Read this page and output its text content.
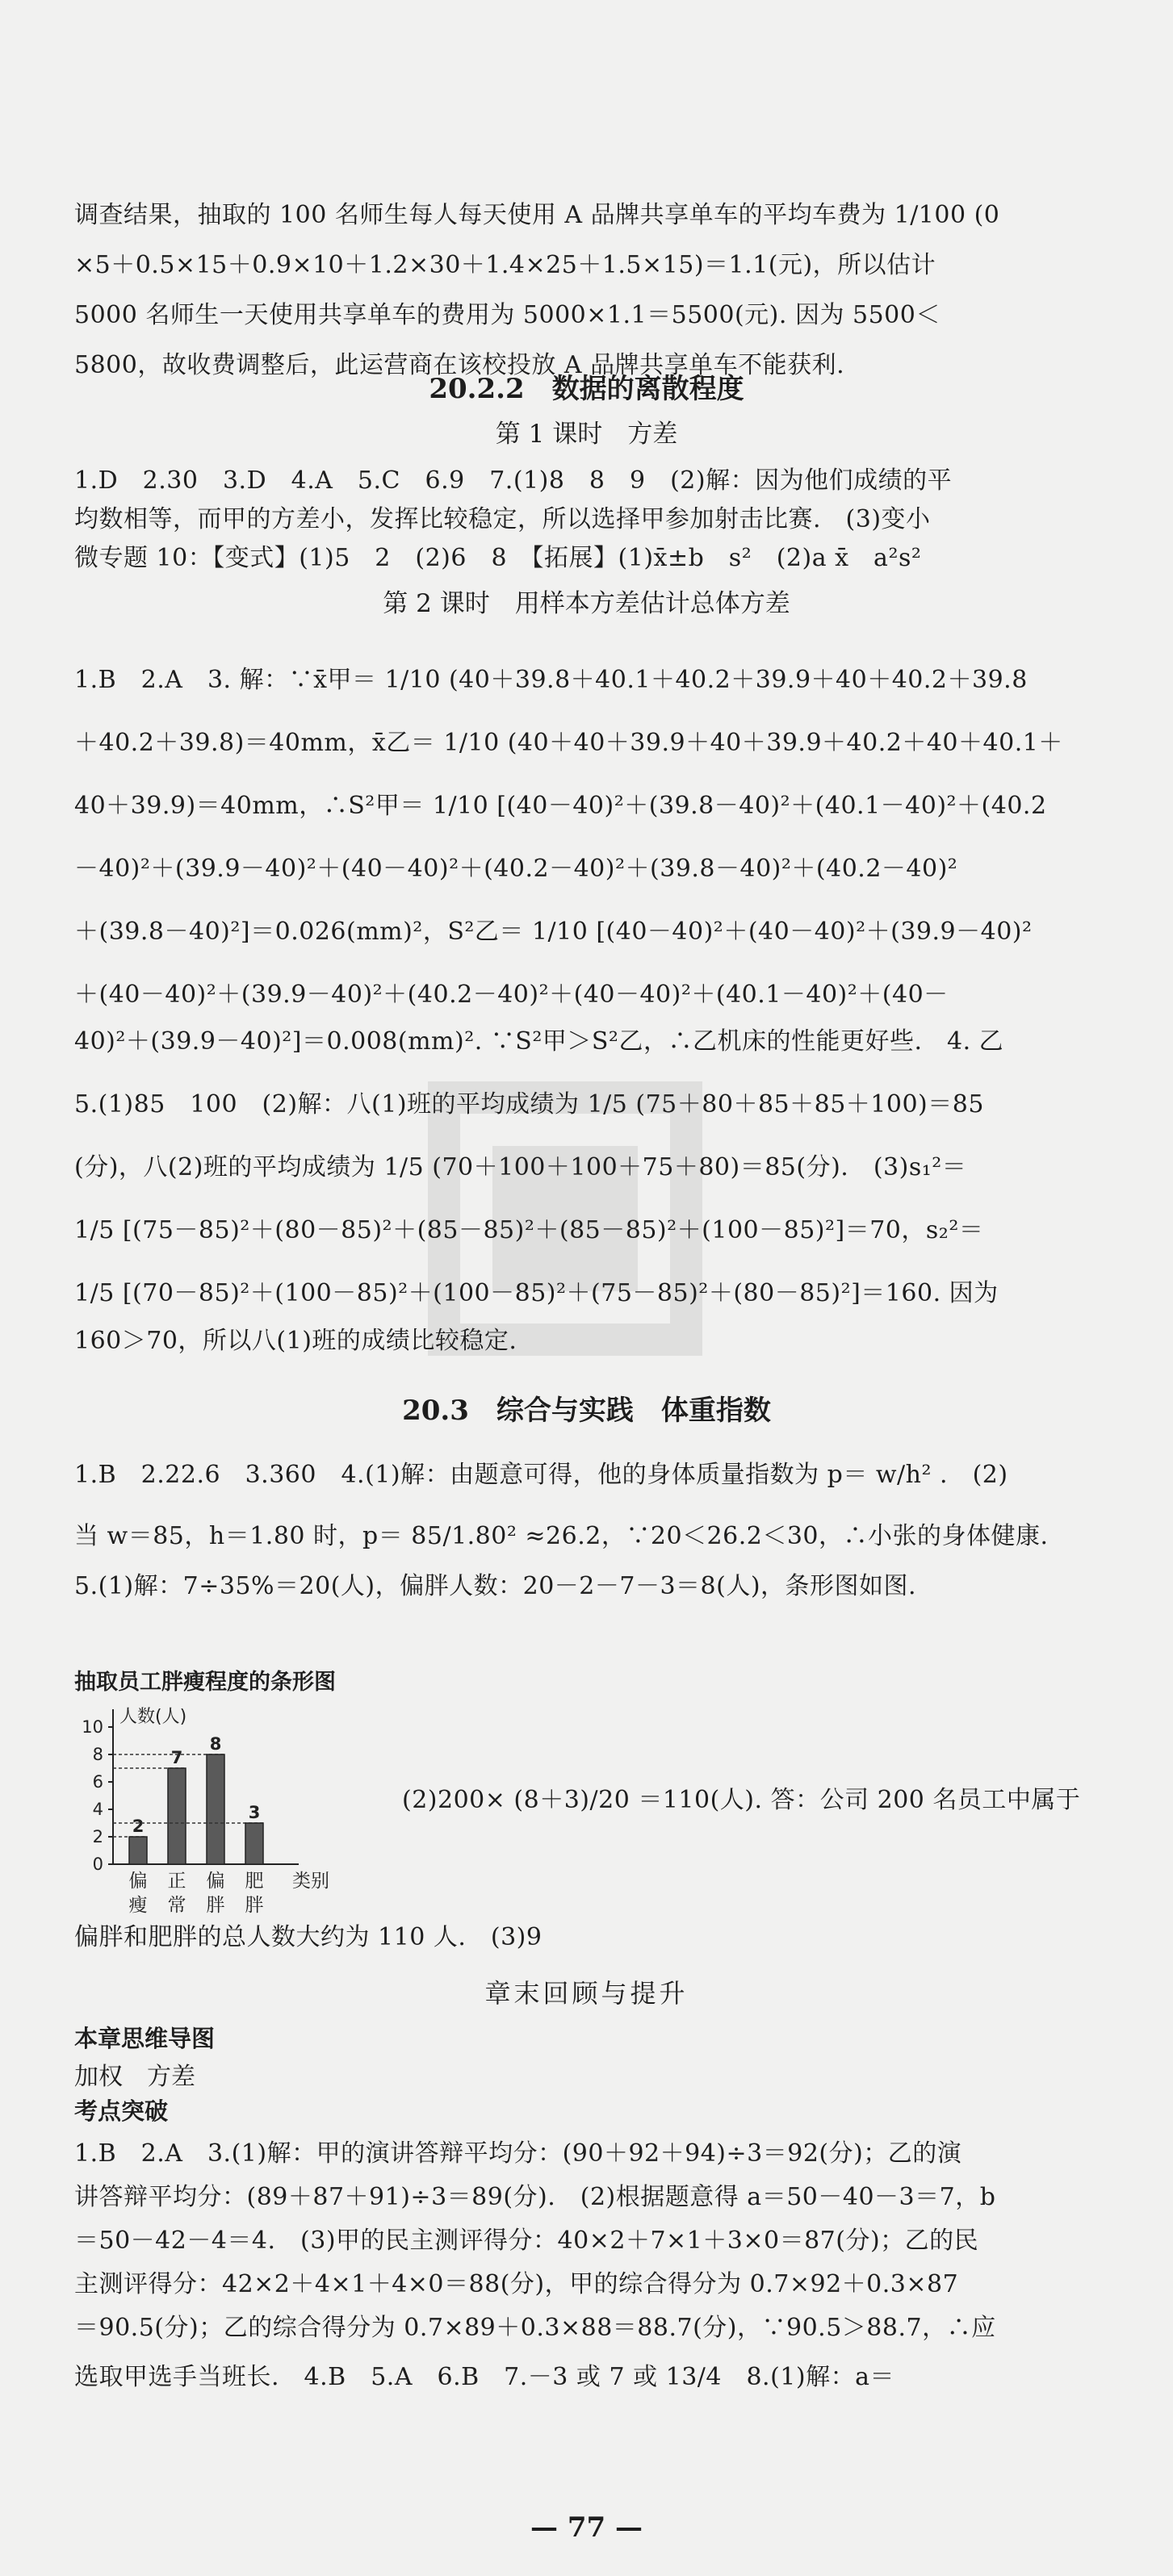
调查结果，抽取的 100 名师生每人每天使用 A 品牌共享单车的平均车费为 1/100 (0
×5＋0.5×15＋0.9×10＋1.2×30＋1.4×25＋1.5×15)＝1.1(元)，所以估计
5000 名师生一天使用共享单车的费用为 5000×1.1＝5500(元). 因为 5500＜
5800，故收费调整后，此运营商在该校投放 A 品牌共享单车不能获利.
20.2.2　数据的离散程度
第 1 课时　方差
1.D　2.30　3.D　4.A　5.C　6.9　7.(1)8　8　9　(2)解：因为他们成绩的平
均数相等，而甲的方差小，发挥比较稳定，所以选择甲参加射击比赛.　(3)变小
微专题 10：【变式】(1)5　2　(2)6　8　【拓展】(1)x̄±b　s²　(2)a x̄　a²s²
第 2 课时　用样本方差估计总体方差
1.B　2.A　3. 解：∵x̄甲＝ 1/10 (40＋39.8＋40.1＋40.2＋39.9＋40＋40.2＋39.8
＋40.2＋39.8)＝40mm，x̄乙＝ 1/10 (40＋40＋39.9＋40＋39.9＋40.2＋40＋40.1＋
40＋39.9)＝40mm，∴S²甲＝ 1/10 [(40－40)²＋(39.8－40)²＋(40.1－40)²＋(40.2
－40)²＋(39.9－40)²＋(40－40)²＋(40.2－40)²＋(39.8－40)²＋(40.2－40)²
＋(39.8－40)²]＝0.026(mm)²，S²乙＝ 1/10 [(40－40)²＋(40－40)²＋(39.9－40)²
＋(40－40)²＋(39.9－40)²＋(40.2－40)²＋(40－40)²＋(40.1－40)²＋(40－
40)²＋(39.9－40)²]＝0.008(mm)². ∵S²甲＞S²乙，∴乙机床的性能更好些.　4. 乙
5.(1)85　100　(2)解：八(1)班的平均成绩为 1/5 (75＋80＋85＋85＋100)＝85
(分)，八(2)班的平均成绩为 1/5 (70＋100＋100＋75＋80)＝85(分).　(3)s₁²＝
1/5 [(75－85)²＋(80－85)²＋(85－85)²＋(85－85)²＋(100－85)²]＝70，s₂²＝
1/5 [(70－85)²＋(100－85)²＋(100－85)²＋(75－85)²＋(80－85)²]＝160. 因为
160＞70，所以八(1)班的成绩比较稳定.
20.3　综合与实践　体重指数
1.B　2.22.6　3.360　4.(1)解：由题意可得，他的身体质量指数为 p＝ w/h² .　(2)
当 w＝85，h＝1.80 时，p＝ 85/1.80² ≈26.2，∵20＜26.2＜30，∴小张的身体健康.
5.(1)解：7÷35%＝20(人)，偏胖人数：20－2－7－3＝8(人)，条形图如图.
抽取员工胖瘦程度的条形图
人数(人)
0
2
4
6
8
10
2
偏
瘦
7
正
常
8
偏
胖
3
肥
胖
类别
(2)200× (8＋3)/20 ＝110(人). 答：公司 200 名员工中属于
偏胖和肥胖的总人数大约为 110 人.　(3)9
章末回顾与提升
本章思维导图
加权　方差
考点突破
1.B　2.A　3.(1)解：甲的演讲答辩平均分：(90＋92＋94)÷3＝92(分)；乙的演
讲答辩平均分：(89＋87＋91)÷3＝89(分).　(2)根据题意得 a＝50－40－3＝7，b
＝50－42－4＝4.　(3)甲的民主测评得分：40×2＋7×1＋3×0＝87(分)；乙的民
主测评得分：42×2＋4×1＋4×0＝88(分)，甲的综合得分为 0.7×92＋0.3×87
＝90.5(分)；乙的综合得分为 0.7×89＋0.3×88＝88.7(分)，∵90.5＞88.7，∴应
选取甲选手当班长.　4.B　5.A　6.B　7.－3 或 7 或 13/4　8.(1)解：a＝
— 77 —
